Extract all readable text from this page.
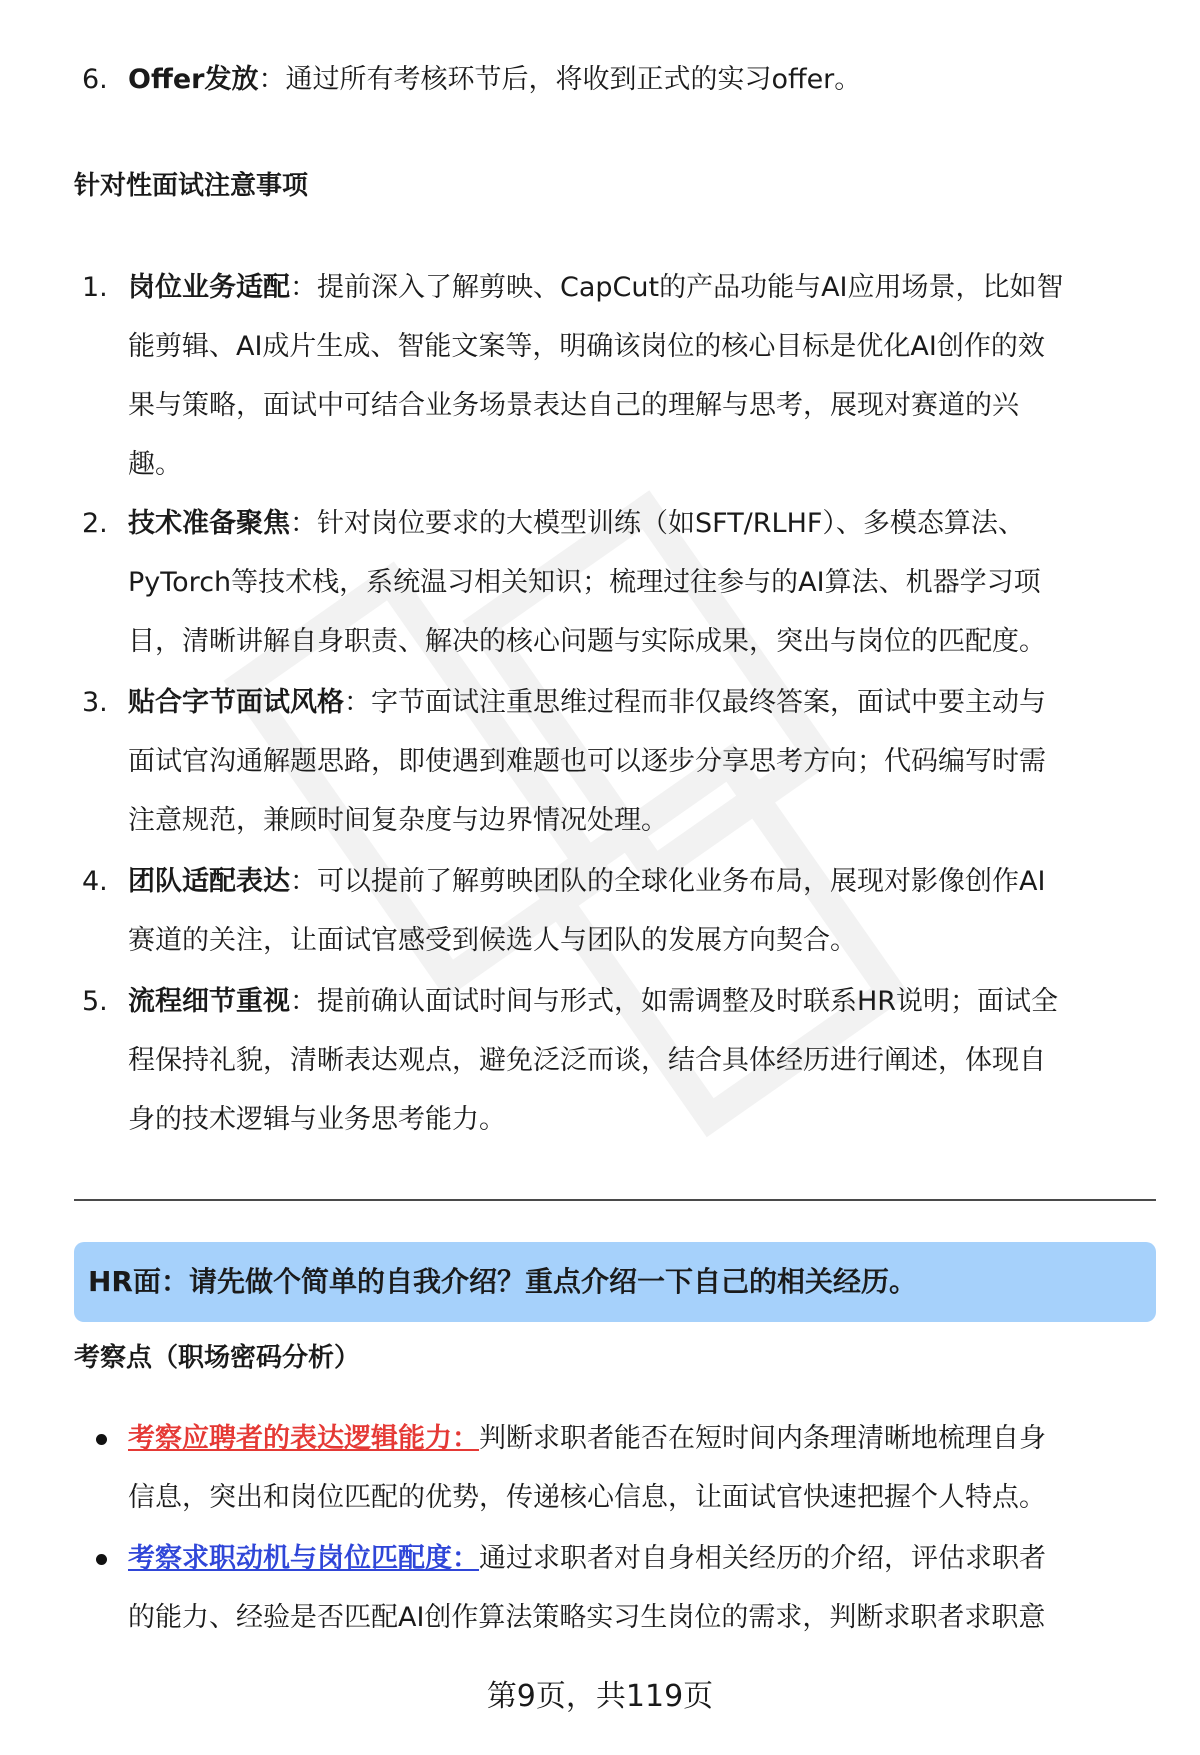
6. Offer发放：通过所有考核环节后，将收到正式的实习offer。
针对性面试注意事项
1. 岗位业务适配：提前深入了解剪映、CapCut的产品功能与AI应用场景，比如智
能剪辑、AI成片生成、智能文案等，明确该岗位的核心目标是优化AI创作的效
果与策略，面试中可结合业务场景表达自己的理解与思考，展现对赛道的兴
趣。
2. 技术准备聚焦：针对岗位要求的大模型训练（如SFT/RLHF）、多模态算法、
PyTorch等技术栈，系统温习相关知识；梳理过往参与的AI算法、机器学习项
目，清晰讲解自身职责、解决的核心问题与实际成果，突出与岗位的匹配度。
3. 贴合字节面试风格：字节面试注重思维过程而非仅最终答案，面试中要主动与
面试官沟通解题思路，即使遇到难题也可以逐步分享思考方向；代码编写时需
注意规范，兼顾时间复杂度与边界情况处理。
4. 团队适配表达：可以提前了解剪映团队的全球化业务布局，展现对影像创作AI
赛道的关注，让面试官感受到候选人与团队的发展方向契合。
5. 流程细节重视：提前确认面试时间与形式，如需调整及时联系HR说明；面试全
程保持礼貌，清晰表达观点，避免泛泛而谈，结合具体经历进行阐述，体现自
身的技术逻辑与业务思考能力。
HR面：请先做个简单的自我介绍？重点介绍一下自己的相关经历。
考察点（职场密码分析）
考察应聘者的表达逻辑能力：判断求职者能否在短时间内条理清晰地梳理自身
信息，突出和岗位匹配的优势，传递核心信息，让面试官快速把握个人特点。
考察求职动机与岗位匹配度：通过求职者对自身相关经历的介绍，评估求职者
的能力、经验是否匹配AI创作算法策略实习生岗位的需求，判断求职者求职意
第9页，共119页
